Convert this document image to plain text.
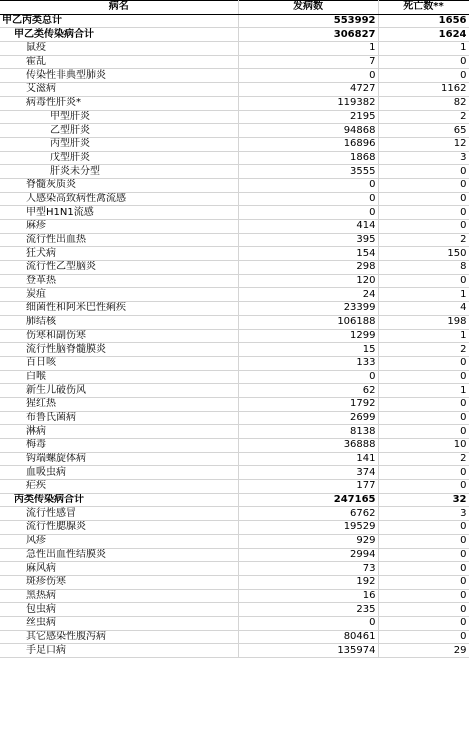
病名	发病数	死亡数**
甲乙丙类总计	553992	1656
甲乙类传染病合计	306827	1624
鼠疫	1	1
霍乱	7	0
传染性非典型肺炎	0	0
艾滋病	4727	1162
病毒性肝炎*	119382	82
甲型肝炎	2195	2
乙型肝炎	94868	65
丙型肝炎	16896	12
戊型肝炎	1868	3
肝炎未分型	3555	0
脊髓灰质炎	0	0
人感染高致病性禽流感	0	0
甲型H1N1流感	0	0
麻疹	414	0
流行性出血热	395	2
狂犬病	154	150
流行性乙型脑炎	298	8
登革热	120	0
炭疽	24	1
细菌性和阿米巴性痢疾	23399	4
肺结核	106188	198
伤寒和副伤寒	1299	1
流行性脑脊髓膜炎	15	2
百日咳	133	0
白喉	0	0
新生儿破伤风	62	1
猩红热	1792	0
布鲁氏菌病	2699	0
淋病	8138	0
梅毒	36888	10
钩端螺旋体病	141	2
血吸虫病	374	0
疟疾	177	0
丙类传染病合计	247165	32
流行性感冒	6762	3
流行性腮腺炎	19529	0
风疹	929	0
急性出血性结膜炎	2994	0
麻风病	73	0
斑疹伤寒	192	0
黑热病	16	0
包虫病	235	0
丝虫病	0	0
其它感染性腹泻病	80461	0
手足口病	135974	29
